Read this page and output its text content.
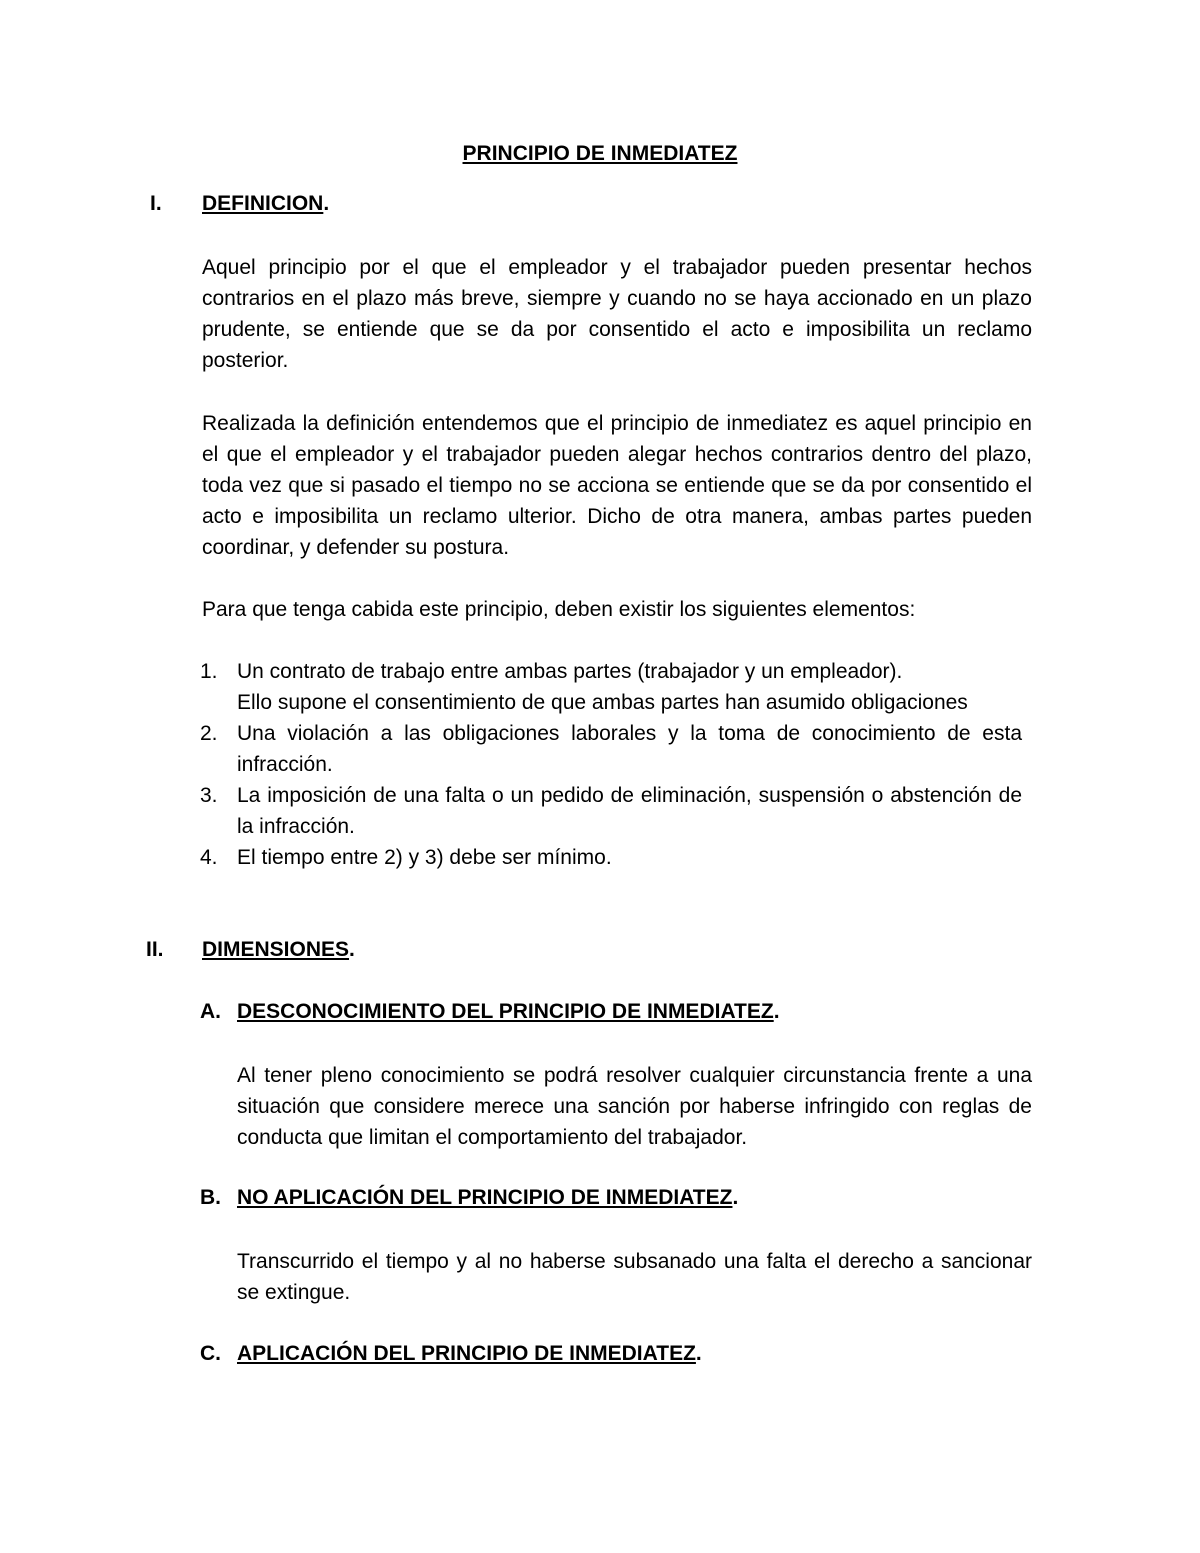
PRINCIPIO DE INMEDIATEZ
I. DEFINICION.
Aquel principio por el que el empleador y el trabajador pueden presentar hechos contrarios en el plazo más breve, siempre y cuando no se haya accionado en un plazo prudente, se entiende que se da por consentido el acto e imposibilita un reclamo posterior.
Realizada la definición entendemos que el principio de inmediatez es aquel principio en el que el empleador y el trabajador pueden alegar hechos contrarios dentro del plazo, toda vez que si pasado el tiempo no se acciona se entiende que se da por consentido el acto e imposibilita un reclamo ulterior. Dicho de otra manera, ambas partes pueden coordinar, y defender su postura.
Para que tenga cabida este principio, deben existir los siguientes elementos:
1. Un contrato de trabajo entre ambas partes (trabajador y un empleador).
Ello supone el consentimiento de que ambas partes han asumido obligaciones
2. Una violación a las obligaciones laborales y la toma de conocimiento de esta infracción.
3. La imposición de una falta o un pedido de eliminación, suspensión o abstención de la infracción.
4. El tiempo entre 2) y 3) debe ser mínimo.
II. DIMENSIONES.
A. DESCONOCIMIENTO DEL PRINCIPIO DE INMEDIATEZ.
Al tener pleno conocimiento se podrá resolver cualquier circunstancia frente a una situación que considere merece una sanción por haberse infringido con reglas de conducta que limitan el comportamiento del trabajador.
B. NO APLICACIÓN DEL PRINCIPIO DE INMEDIATEZ.
Transcurrido el tiempo y al no haberse subsanado una falta el derecho a sancionar se extingue.
C. APLICACIÓN DEL PRINCIPIO DE INMEDIATEZ.
